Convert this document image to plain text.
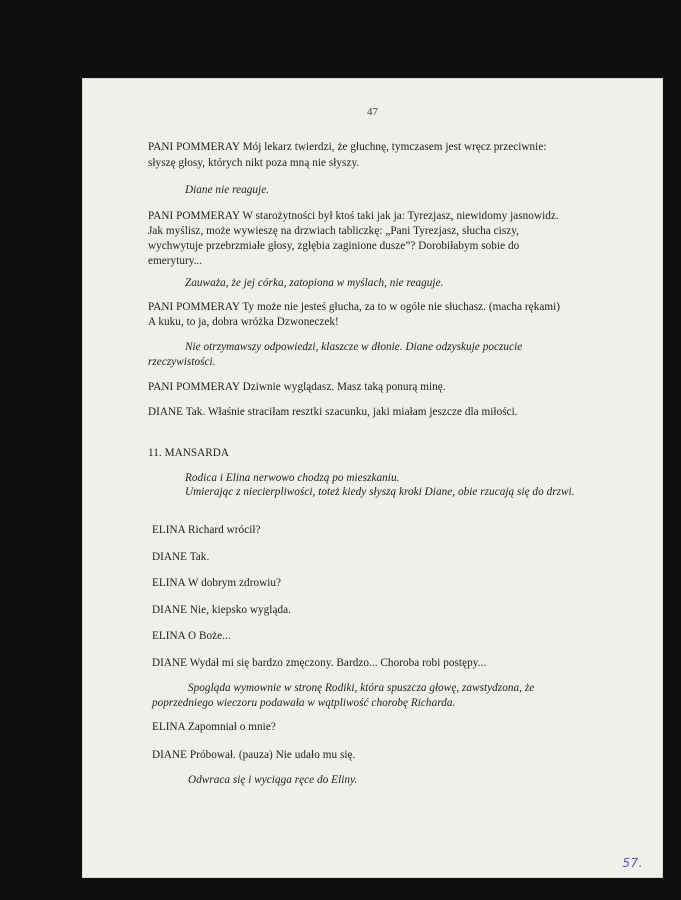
47
PANI POMMERAY Mój lekarz twierdzi, że głuchnę, tymczasem jest wręcz przeciwnie:
słyszę głosy, których nikt poza mną nie słyszy.
Diane nie reaguje.
PANI POMMERAY W starożytności był ktoś taki jak ja: Tyrezjasz, niewidomy jasnowidz.
Jak myślisz, może wywieszę na drzwiach tabliczkę: „Pani Tyrezjasz, słucha ciszy,
wychwytuje przebrzmiałe głosy, zgłębia zaginione dusze”? Dorobiłabym sobie do
emerytury...
Zauważa, że jej córka, zatopiona w myślach, nie reaguje.
PANI POMMERAY Ty może nie jesteś głucha, za to w ogóle nie słuchasz. (macha rękami)
A kuku, to ja, dobra wróżka Dzwoneczek!
Nie otrzymawszy odpowiedzi, klaszcze w dłonie. Diane odzyskuje poczucie
rzeczywistości.
PANI POMMERAY Dziwnie wyglądasz. Masz taką ponurą minę.
DIANE Tak. Właśnie straciłam resztki szacunku, jaki miałam jeszcze dla miłości.
11. MANSARDA
Rodica i Elina nerwowo chodzą po mieszkaniu.
Umierając z niecierpliwości, toteż kiedy słyszą kroki Diane, obie rzucają się do drzwi.
ELINA Richard wrócił?
DIANE Tak.
ELINA W dobrym zdrowiu?
DIANE Nie, kiepsko wygląda.
ELINA O Boże...
DIANE Wydał mi się bardzo zmęczony. Bardzo... Choroba robi postępy...
Spogląda wymownie w stronę Rodiki, która spuszcza głowę, zawstydzona, że
poprzedniego wieczoru podawała w wątpliwość chorobę Richarda.
ELINA Zapomniał o mnie?
DIANE Próbował. (pauza) Nie udało mu się.
Odwraca się i wyciąga ręce do Eliny.
57.
